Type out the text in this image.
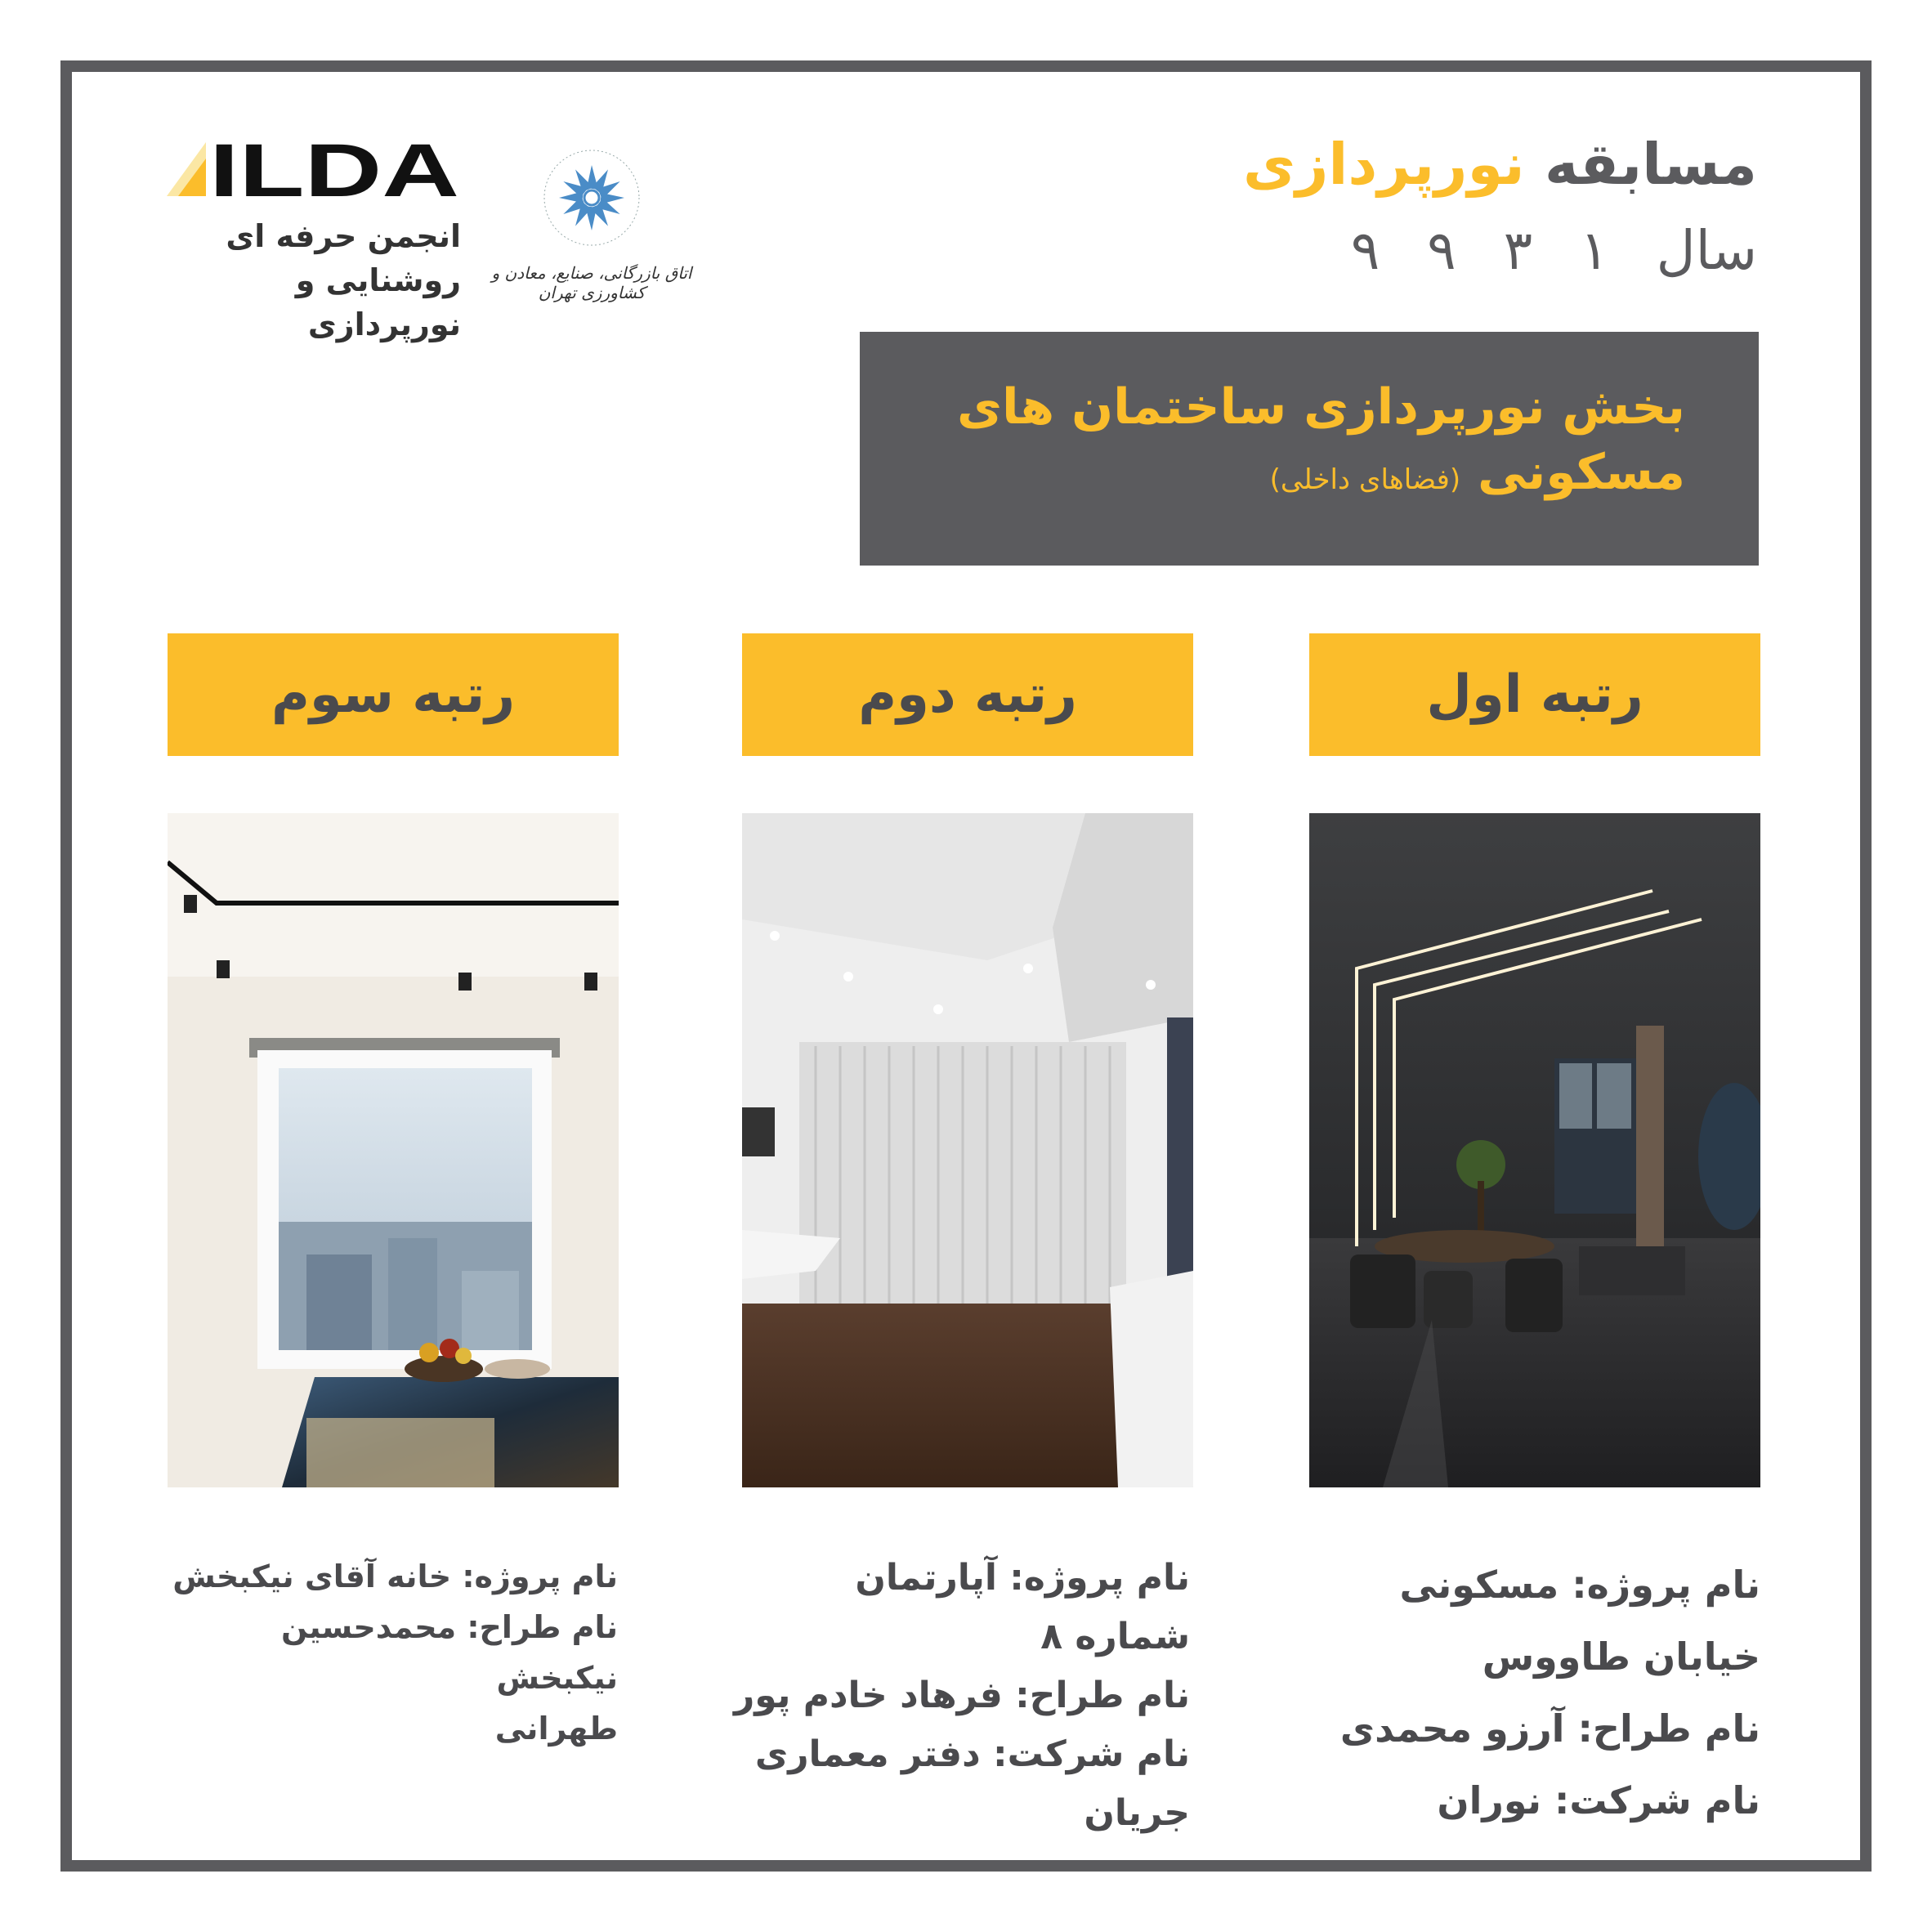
مسابقه نورپردازی
سال
۱
۳
۹
۹
ILDA
انجمن حرفه ای
روشنایی و نورپردازی
اتاق بازرگانی، صنایع، معادن و کشاورزی تهران
بخش نورپردازی ساختمان های
مسکونی (فضاهای داخلی)
رتبه اول
رتبه دوم
رتبه سوم

نام پروژه: مسکونی

خیابان طاووس

نام طراح: آرزو محمدی

نام شرکت: نوران

نام پروژه: آپارتمان

شماره ۸

نام طراح: فرهاد خادم پور

نام شرکت: دفتر معماری

جریان

نام پروژه: خانه آقای نیکبخش

نام طراح: محمدحسین نیکبخش

طهرانی
